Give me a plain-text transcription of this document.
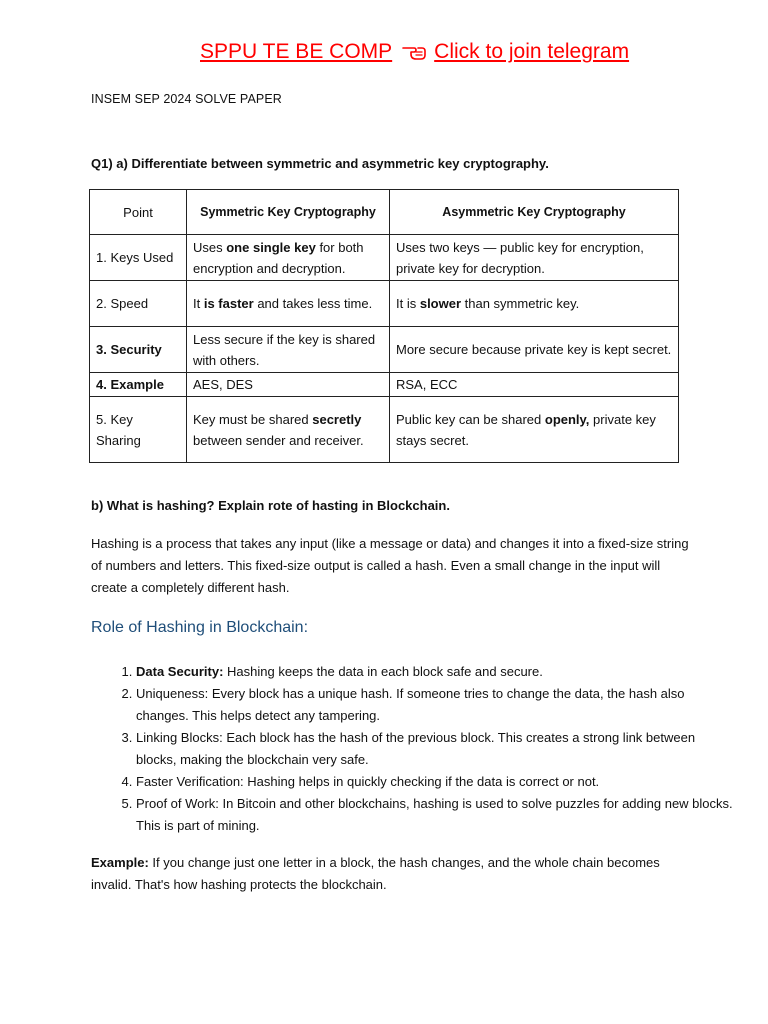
SPPU TE BE COMP Click to join telegram
INSEM SEP 2024 SOLVE PAPER
Q1) a) Differentiate between symmetric and asymmetric key cryptography.
Point	Symmetric Key Cryptography	Asymmetric Key Cryptography
1. Keys Used	Uses one single key for both encryption and decryption.	Uses two keys — public key for encryption, private key for decryption.
2. Speed	It is faster and takes less time.	It is slower than symmetric key.
3. Security	Less secure if the key is shared with others.	More secure because private key is kept secret.
4. Example	AES, DES	RSA, ECC
5. Key Sharing	Key must be shared secretly between sender and receiver.	Public key can be shared openly, private key stays secret.
b) What is hashing? Explain rote of hasting in Blockchain.
Hashing is a process that takes any input (like a message or data) and changes it into a fixed-size string of numbers and letters. This fixed-size output is called a hash. Even a small change in the input will create a completely different hash.
Role of Hashing in Blockchain:
1. Data Security: Hashing keeps the data in each block safe and secure.
2. Uniqueness: Every block has a unique hash. If someone tries to change the data, the hash also changes. This helps detect any tampering.
3. Linking Blocks: Each block has the hash of the previous block. This creates a strong link between blocks, making the blockchain very safe.
4. Faster Verification: Hashing helps in quickly checking if the data is correct or not.
5. Proof of Work: In Bitcoin and other blockchains, hashing is used to solve puzzles for adding new blocks. This is part of mining.
Example: If you change just one letter in a block, the hash changes, and the whole chain becomes invalid. That's how hashing protects the blockchain.
